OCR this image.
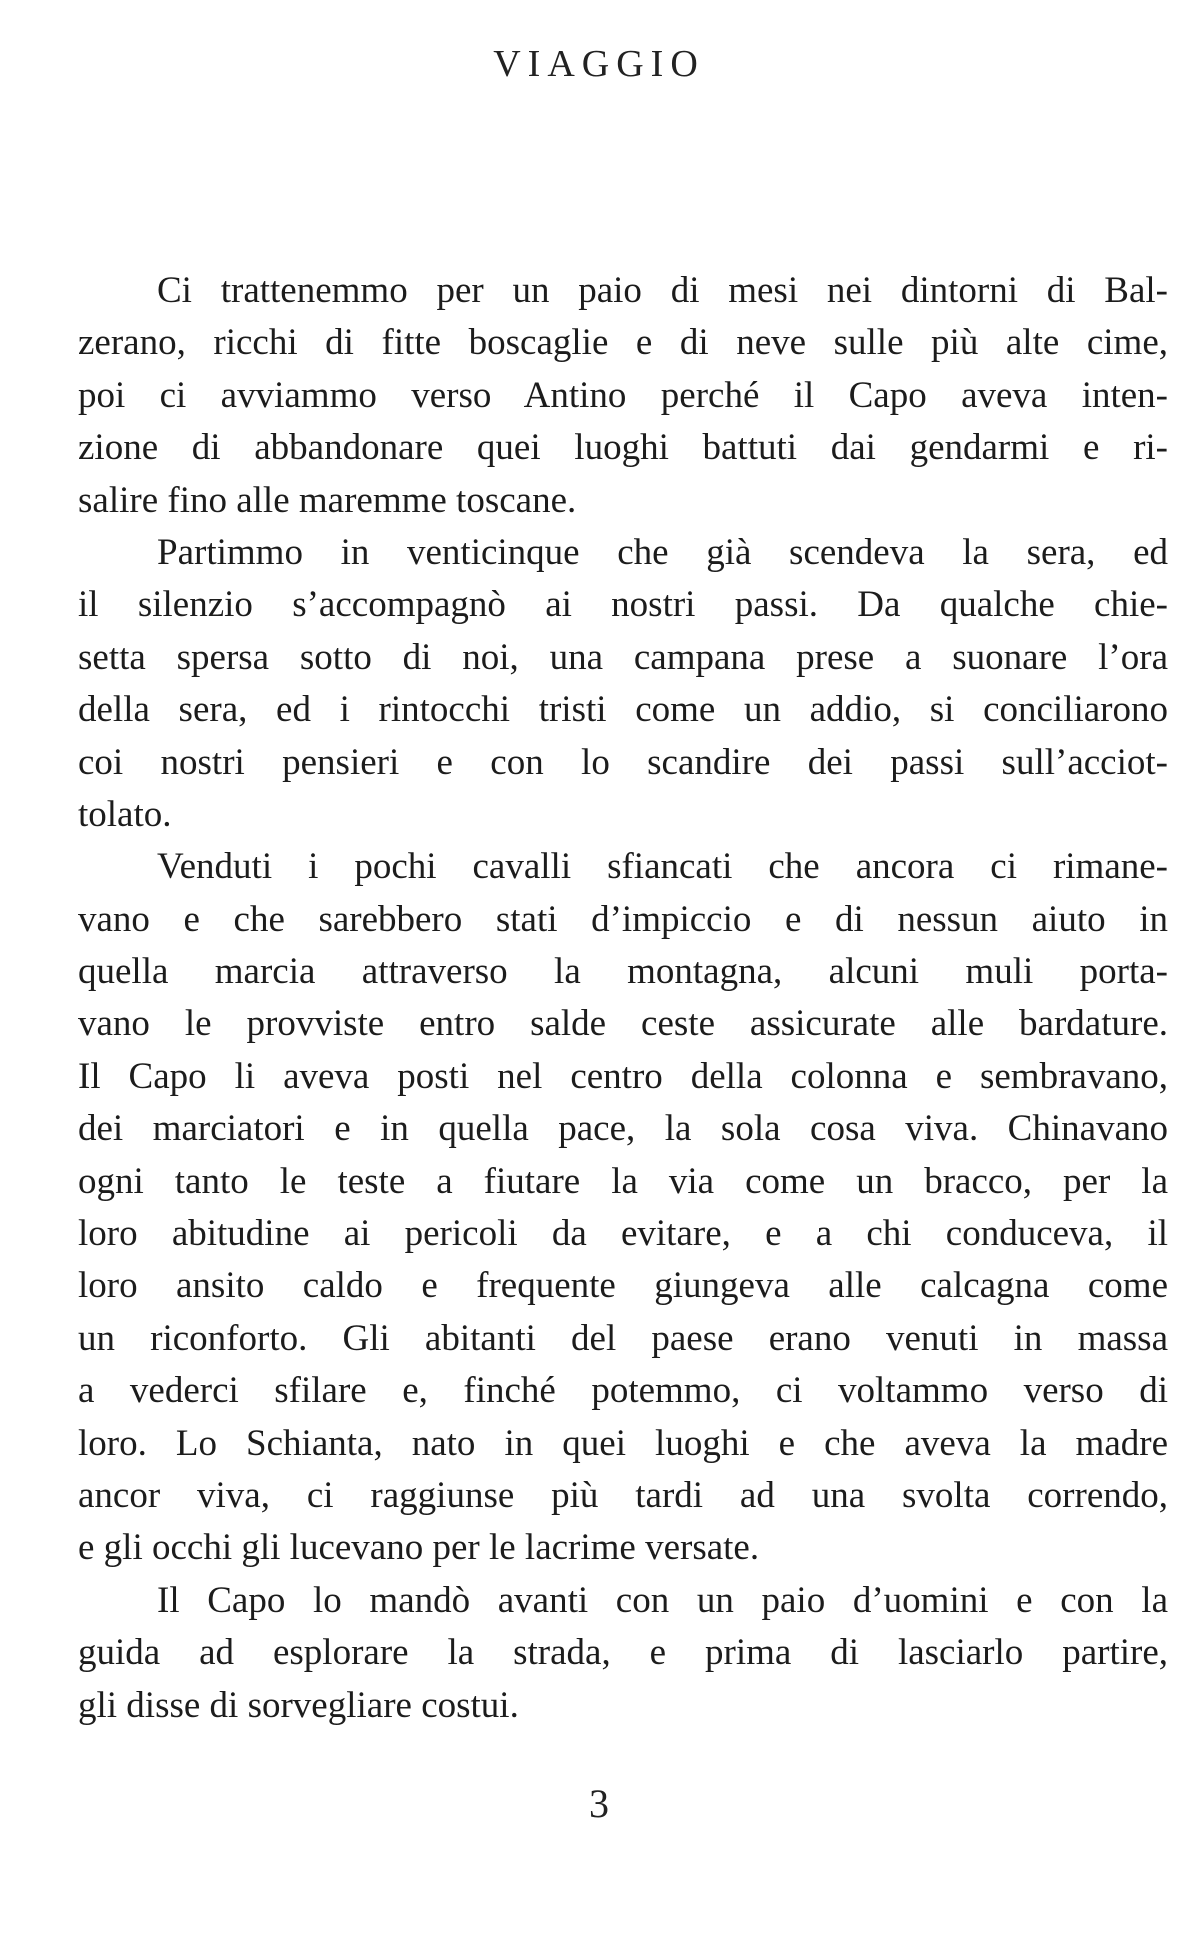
VIAGGIO
Ci trattenemmo per un paio di mesi nei dintorni di Bal-
zerano, ricchi di fitte boscaglie e di neve sulle più alte cime,
poi ci avviammo verso Antino perché il Capo aveva inten-
zione di abbandonare quei luoghi battuti dai gendarmi e ri-
salire fino alle maremme toscane.
Partimmo in venticinque che già scendeva la sera, ed
il silenzio s’accompagnò ai nostri passi. Da qualche chie-
setta spersa sotto di noi, una campana prese a suonare l’ora
della sera, ed i rintocchi tristi come un addio, si conciliarono
coi nostri pensieri e con lo scandire dei passi sull’acciot-
tolato.
Venduti i pochi cavalli sfiancati che ancora ci rimane-
vano e che sarebbero stati d’impiccio e di nessun aiuto in
quella marcia attraverso la montagna, alcuni muli porta-
vano le provviste entro salde ceste assicurate alle bardature.
Il Capo li aveva posti nel centro della colonna e sembravano,
dei marciatori e in quella pace, la sola cosa viva. Chinavano
ogni tanto le teste a fiutare la via come un bracco, per la
loro abitudine ai pericoli da evitare, e a chi conduceva, il
loro ansito caldo e frequente giungeva alle calcagna come
un riconforto. Gli abitanti del paese erano venuti in massa
a vederci sfilare e, finché potemmo, ci voltammo verso di
loro. Lo Schianta, nato in quei luoghi e che aveva la madre
ancor viva, ci raggiunse più tardi ad una svolta correndo,
e gli occhi gli lucevano per le lacrime versate.
Il Capo lo mandò avanti con un paio d’uomini e con la
guida ad esplorare la strada, e prima di lasciarlo partire,
gli disse di sorvegliare costui.
3
